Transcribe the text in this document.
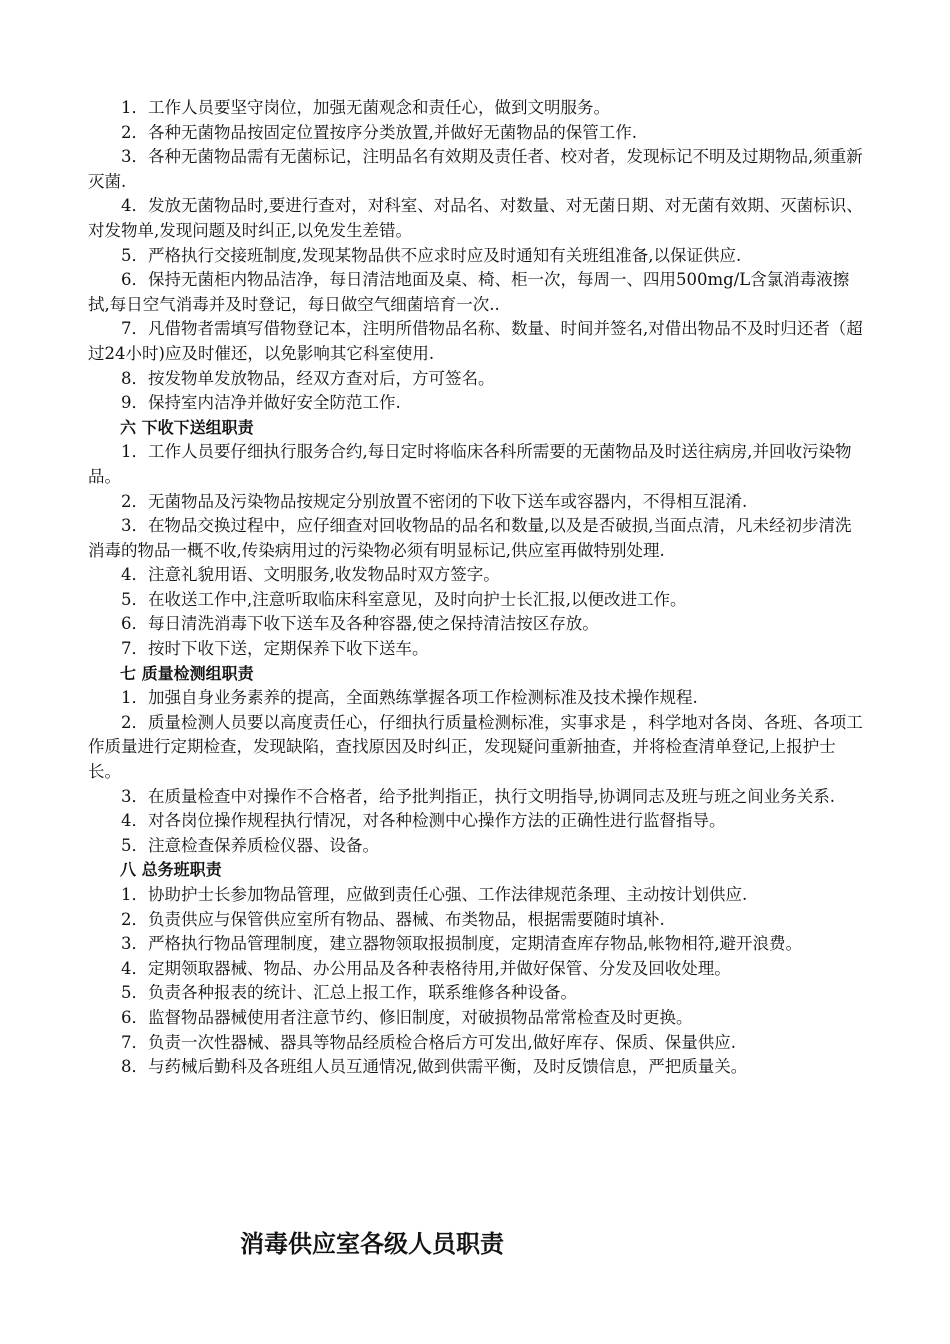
1．工作人员要坚守岗位，加强无菌观念和责任心，做到文明服务。

2．各种无菌物品按固定位置按序分类放置,并做好无菌物品的保管工作.

3．各种无菌物品需有无菌标记，注明品名有效期及责任者、校对者，发现标记不明及过期物品,须重新灭菌.

4．发放无菌物品时,要进行查对，对科室、对品名、对数量、对无菌日期、对无菌有效期、灭菌标识、对发物单,发现问题及时纠正,以免发生差错。

5．严格执行交接班制度,发现某物品供不应求时应及时通知有关班组准备,以保证供应.

6．保持无菌柜内物品洁净，每日清洁地面及桌、椅、柜一次，每周一、四用500mg/L含氯消毒液擦拭,每日空气消毒并及时登记，每日做空气细菌培育一次..

7．凡借物者需填写借物登记本，注明所借物品名称、数量、时间并签名,对借出物品不及时归还者（超过24小时)应及时催还，以免影响其它科室使用.

8．按发物单发放物品，经双方查对后，方可签名。

9．保持室内洁净并做好安全防范工作.

六 下收下送组职责

1．工作人员要仔细执行服务合约,每日定时将临床各科所需要的无菌物品及时送往病房,并回收污染物品。

2．无菌物品及污染物品按规定分别放置不密闭的下收下送车或容器内，不得相互混淆.

3．在物品交换过程中，应仔细查对回收物品的品名和数量,以及是否破损,当面点清，凡未经初步清洗消毒的物品一概不收,传染病用过的污染物必须有明显标记,供应室再做特别处理.

4．注意礼貌用语、文明服务,收发物品时双方签字。

5．在收送工作中,注意听取临床科室意见，及时向护士长汇报,以便改进工作。

6．每日清洗消毒下收下送车及各种容器,使之保持清洁按区存放。

7．按时下收下送，定期保养下收下送车。

七 质量检测组职责

1．加强自身业务素养的提高，全面熟练掌握各项工作检测标准及技术操作规程.

2．质量检测人员要以高度责任心，仔细执行质量检测标准，实事求是 ，科学地对各岗、各班、各项工作质量进行定期检查，发现缺陷，查找原因及时纠正，发现疑问重新抽查，并将检查清单登记,上报护士长。

3．在质量检查中对操作不合格者，给予批判指正，执行文明指导,协调同志及班与班之间业务关系.

4．对各岗位操作规程执行情况，对各种检测中心操作方法的正确性进行监督指导。

5．注意检查保养质检仪器、设备。

八 总务班职责

1．协助护士长参加物品管理，应做到责任心强、工作法律规范条理、主动按计划供应.

2．负责供应与保管供应室所有物品、器械、布类物品，根据需要随时填补.

3．严格执行物品管理制度，建立器物领取报损制度，定期清查库存物品,帐物相符,避开浪费。

4．定期领取器械、物品、办公用品及各种表格待用,并做好保管、分发及回收处理。

5．负责各种报表的统计、汇总上报工作，联系维修各种设备。

6．监督物品器械使用者注意节约、修旧制度，对破损物品常常检查及时更换。

7．负责一次性器械、器具等物品经质检合格后方可发出,做好库存、保质、保量供应.

8．与药械后勤科及各班组人员互通情况,做到供需平衡，及时反馈信息，严把质量关。

消毒供应室各级人员职责
